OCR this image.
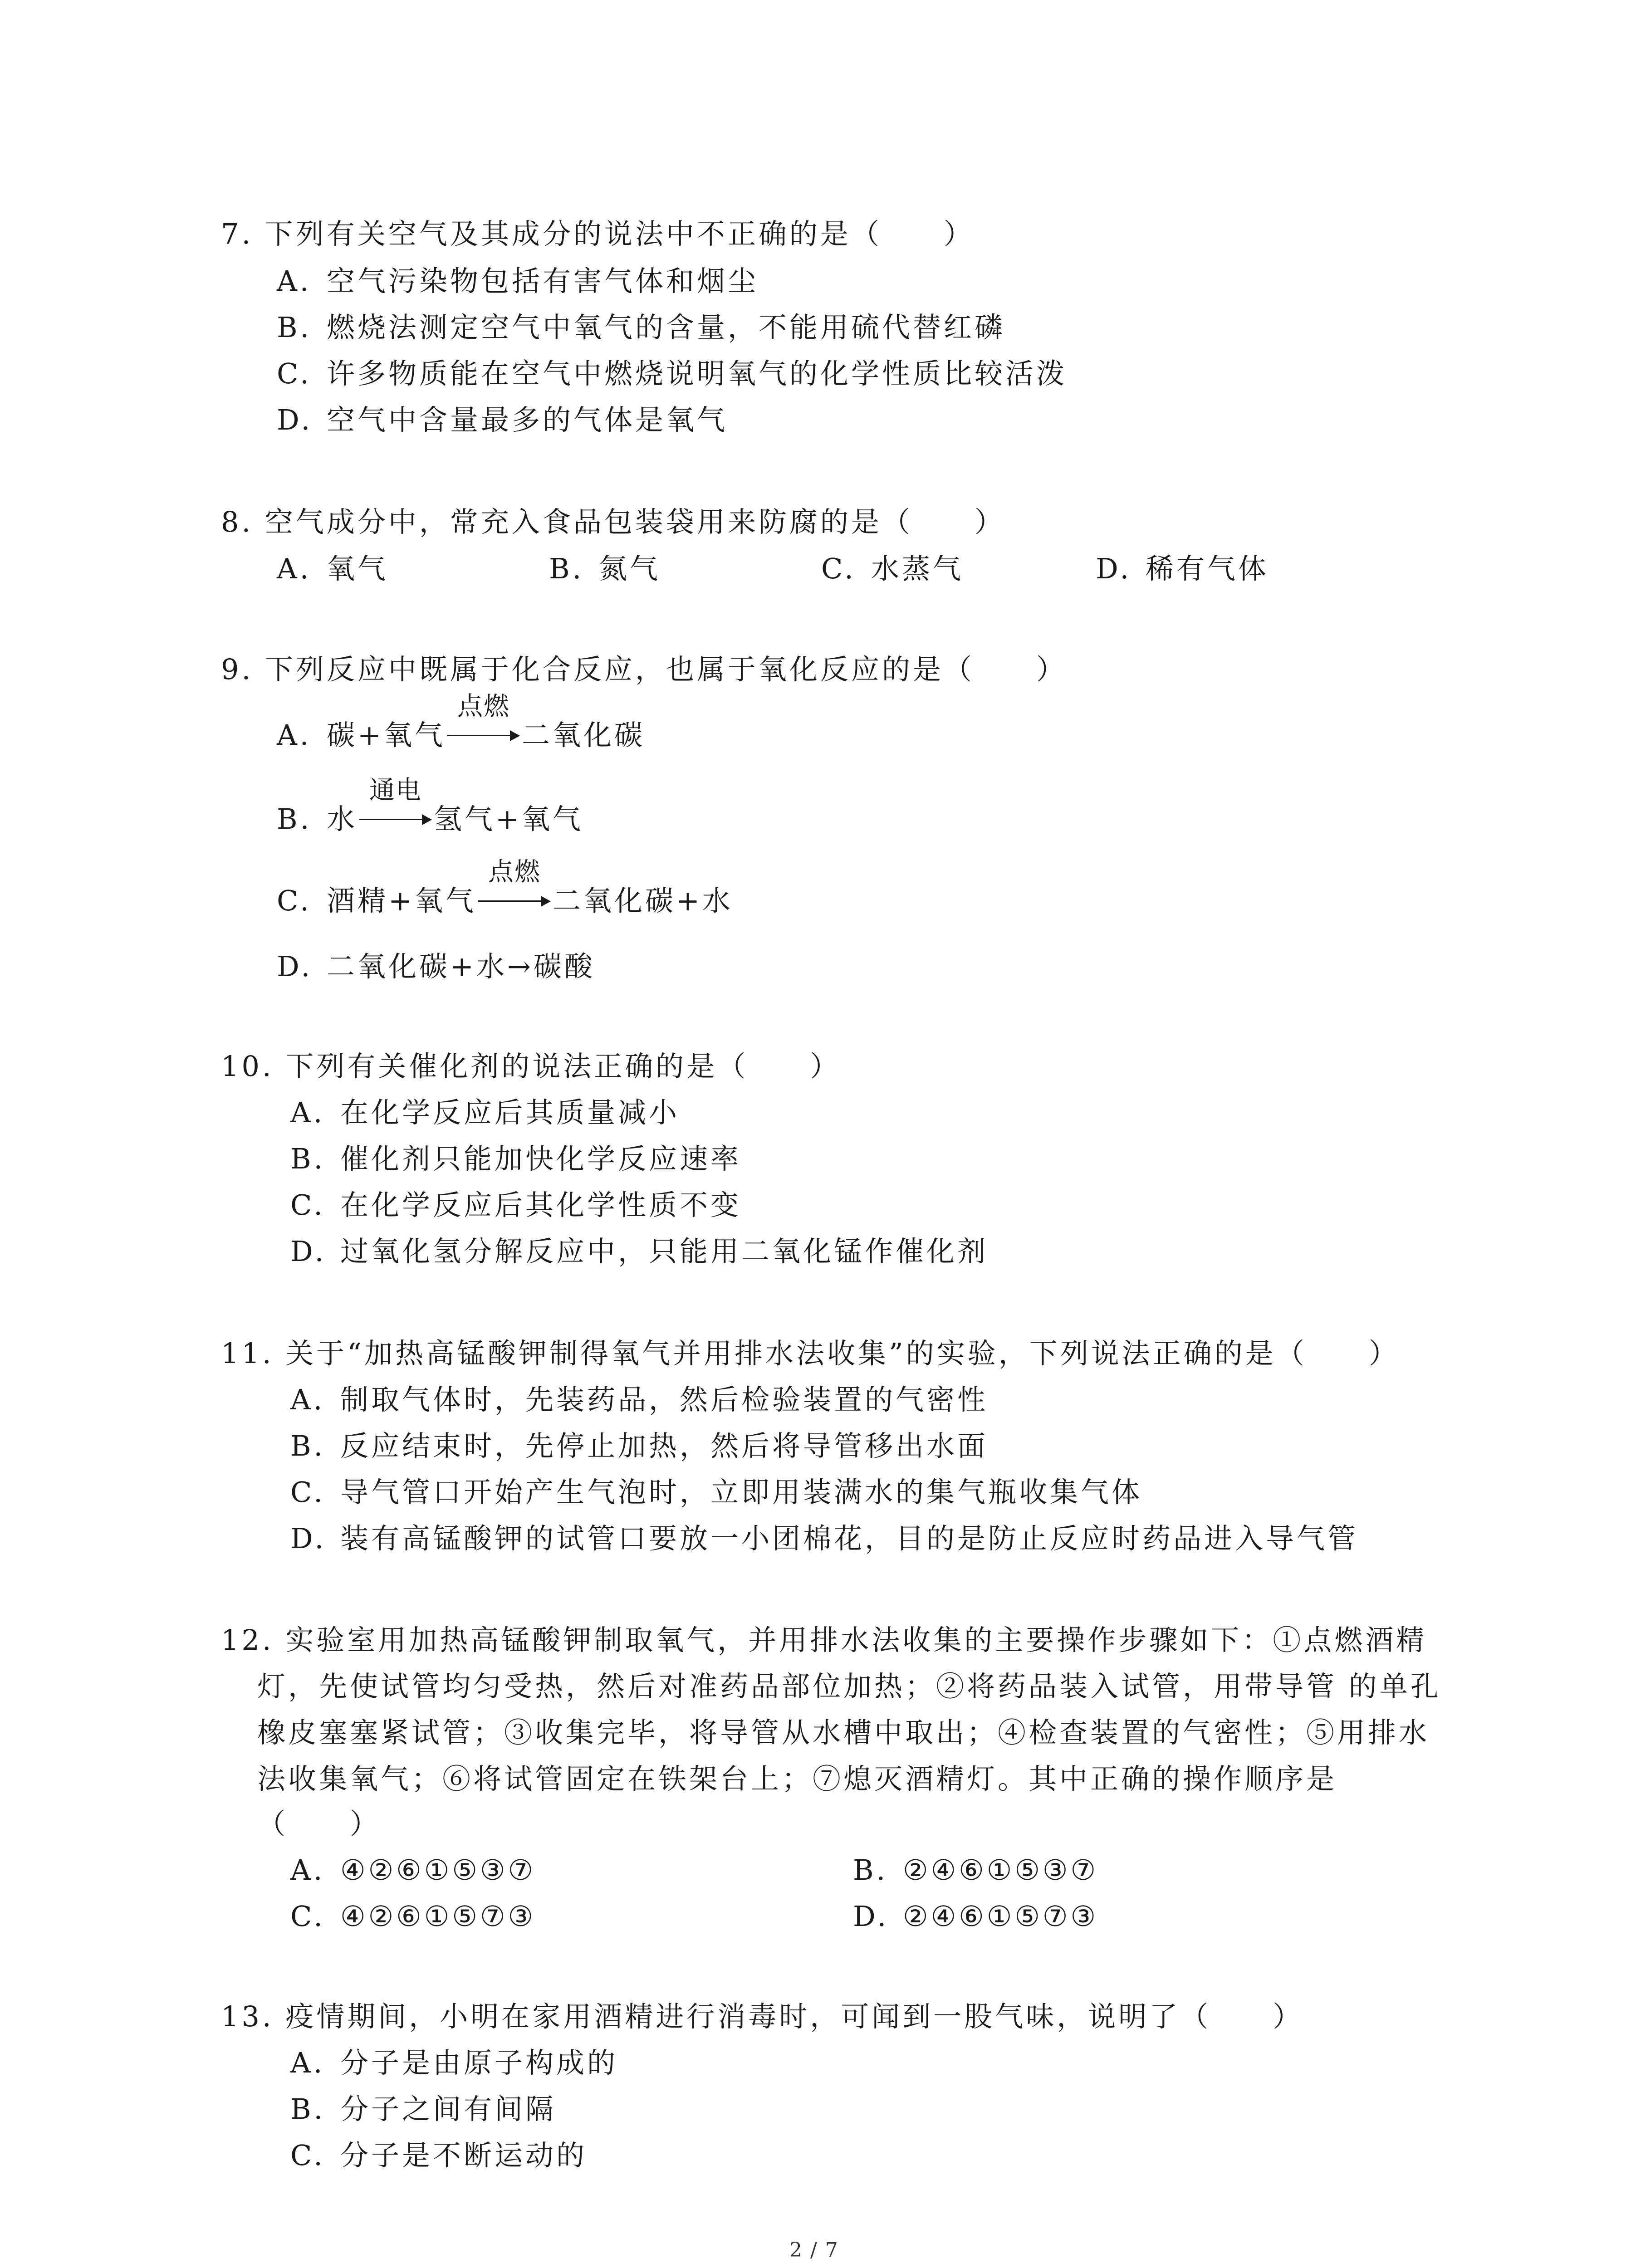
7. 下列有关空气及其成分的说法中不正确的是（　　）
A. 空气污染物包括有害气体和烟尘
B. 燃烧法测定空气中氧气的含量，不能用硫代替红磷
C. 许多物质能在空气中燃烧说明氧气的化学性质比较活泼
D. 空气中含量最多的气体是氧气
8. 空气成分中，常充入食品包装袋用来防腐的是（　　）
A. 氧气	B. 氮气	C. 水蒸气	D. 稀有气体
9. 下列反应中既属于化合反应，也属于氧化反应的是（　　）
A. 碳+氧气
点燃
二氧化碳
B. 水
通电
氢气+氧气
C. 酒精+氧气
点燃
二氧化碳+水
D. 二氧化碳+水→碳酸
10. 下列有关催化剂的说法正确的是（　　）
A. 在化学反应后其质量减小
B. 催化剂只能加快化学反应速率
C. 在化学反应后其化学性质不变
D. 过氧化氢分解反应中，只能用二氧化锰作催化剂
11. 关于“加热高锰酸钾制得氧气并用排水法收集”的实验，下列说法正确的是（　　）
A. 制取气体时，先装药品，然后检验装置的气密性
B. 反应结束时，先停止加热，然后将导管移出水面
C. 导气管口开始产生气泡时，立即用装满水的集气瓶收集气体
D. 装有高锰酸钾的试管口要放一小团棉花，目的是防止反应时药品进入导气管
12. 实验室用加热高锰酸钾制取氧气，并用排水法收集的主要操作步骤如下：①点燃酒精
灯，先使试管均匀受热，然后对准药品部位加热；②将药品装入试管，用带导管 的单孔
橡皮塞塞紧试管；③收集完毕，将导管从水槽中取出；④检查装置的气密性；⑤用排水
法收集氧气；⑥将试管固定在铁架台上；⑦熄灭酒精灯。其中正确的操作顺序是
（　　）
A. ④②⑥①⑤③⑦	B. ②④⑥①⑤③⑦
C. ④②⑥①⑤⑦③	D. ②④⑥①⑤⑦③
13. 疫情期间，小明在家用酒精进行消毒时，可闻到一股气味，说明了（　　）
A. 分子是由原子构成的
B. 分子之间有间隔
C. 分子是不断运动的
2 / 7
